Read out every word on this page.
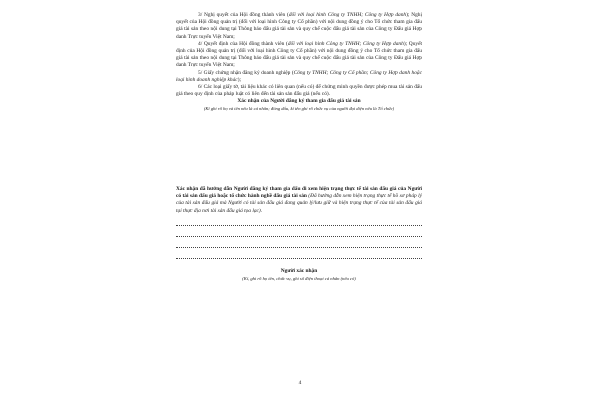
3/ Nghị quyết của Hội đồng thành viên (đối với loại hình Công ty TNHH; Công ty Hợp danh); Nghị quyết của Hội đồng quản trị (đối với loại hình Công ty Cổ phần) với nội dung đồng ý cho Tổ chức tham gia đấu giá tài sản theo nội dung tại Thông báo đấu giá tài sản và quy chế cuộc đấu giá tài sản của Công ty Đấu giá Hợp danh Trực tuyến Việt Nam;

4/ Quyết định của Hội đồng thành viên (đối với loại hình Công ty TNHH; Công ty Hợp danh); Quyết định của Hội đồng quản trị (đối với loại hình Công ty Cổ phần) với nội dung đồng ý cho Tổ chức tham gia đấu giá tài sản theo nội dung tại Thông báo đấu giá tài sản và quy chế cuộc đấu giá tài sản của Công ty Đấu giá Hợp danh Trực tuyến Việt Nam;

5/ Giấy chứng nhận đăng ký doanh nghiệp (Công ty TNHH; Công ty Cổ phần; Công ty Hợp danh hoặc loại hình doanh nghiệp khác);

6/ Các loại giấy tờ, tài liệu khác có liên quan (nếu có) để chứng minh quyền được phép mua tài sản đấu giá theo quy định của pháp luật có liên đến tài sản sản đấu giá (nếu có).

Xác nhận của Người đăng ký tham gia đấu giá tài sản

(Kí ghi rõ họ và tên nếu là cá nhân; đóng dấu, kí tên ghi rõ chức vụ của người đại diện nếu là Tổ chức)

Xác nhận đã hướng dẫn Người đăng ký tham gia đấu đi xem hiện trạng thực tế tài sản đấu giá của Người có tài sản đấu giá hoặc tổ chức hành nghề đấu giá tài sản (Đã hướng dẫn xem hiện trạng thực tế hồ sơ pháp lý của tài sản đấu giá mà Người có tài sản đấu giá đang quản lý/lưu giữ và hiện trạng thực tế của tài sản đấu giá tại thực địa nơi tài sản đấu giá tọa lạc).

Người xác nhận

(Kí, ghi rõ họ tên, chức vụ, ghi số điện thoại cá nhân (nếu có)

4
